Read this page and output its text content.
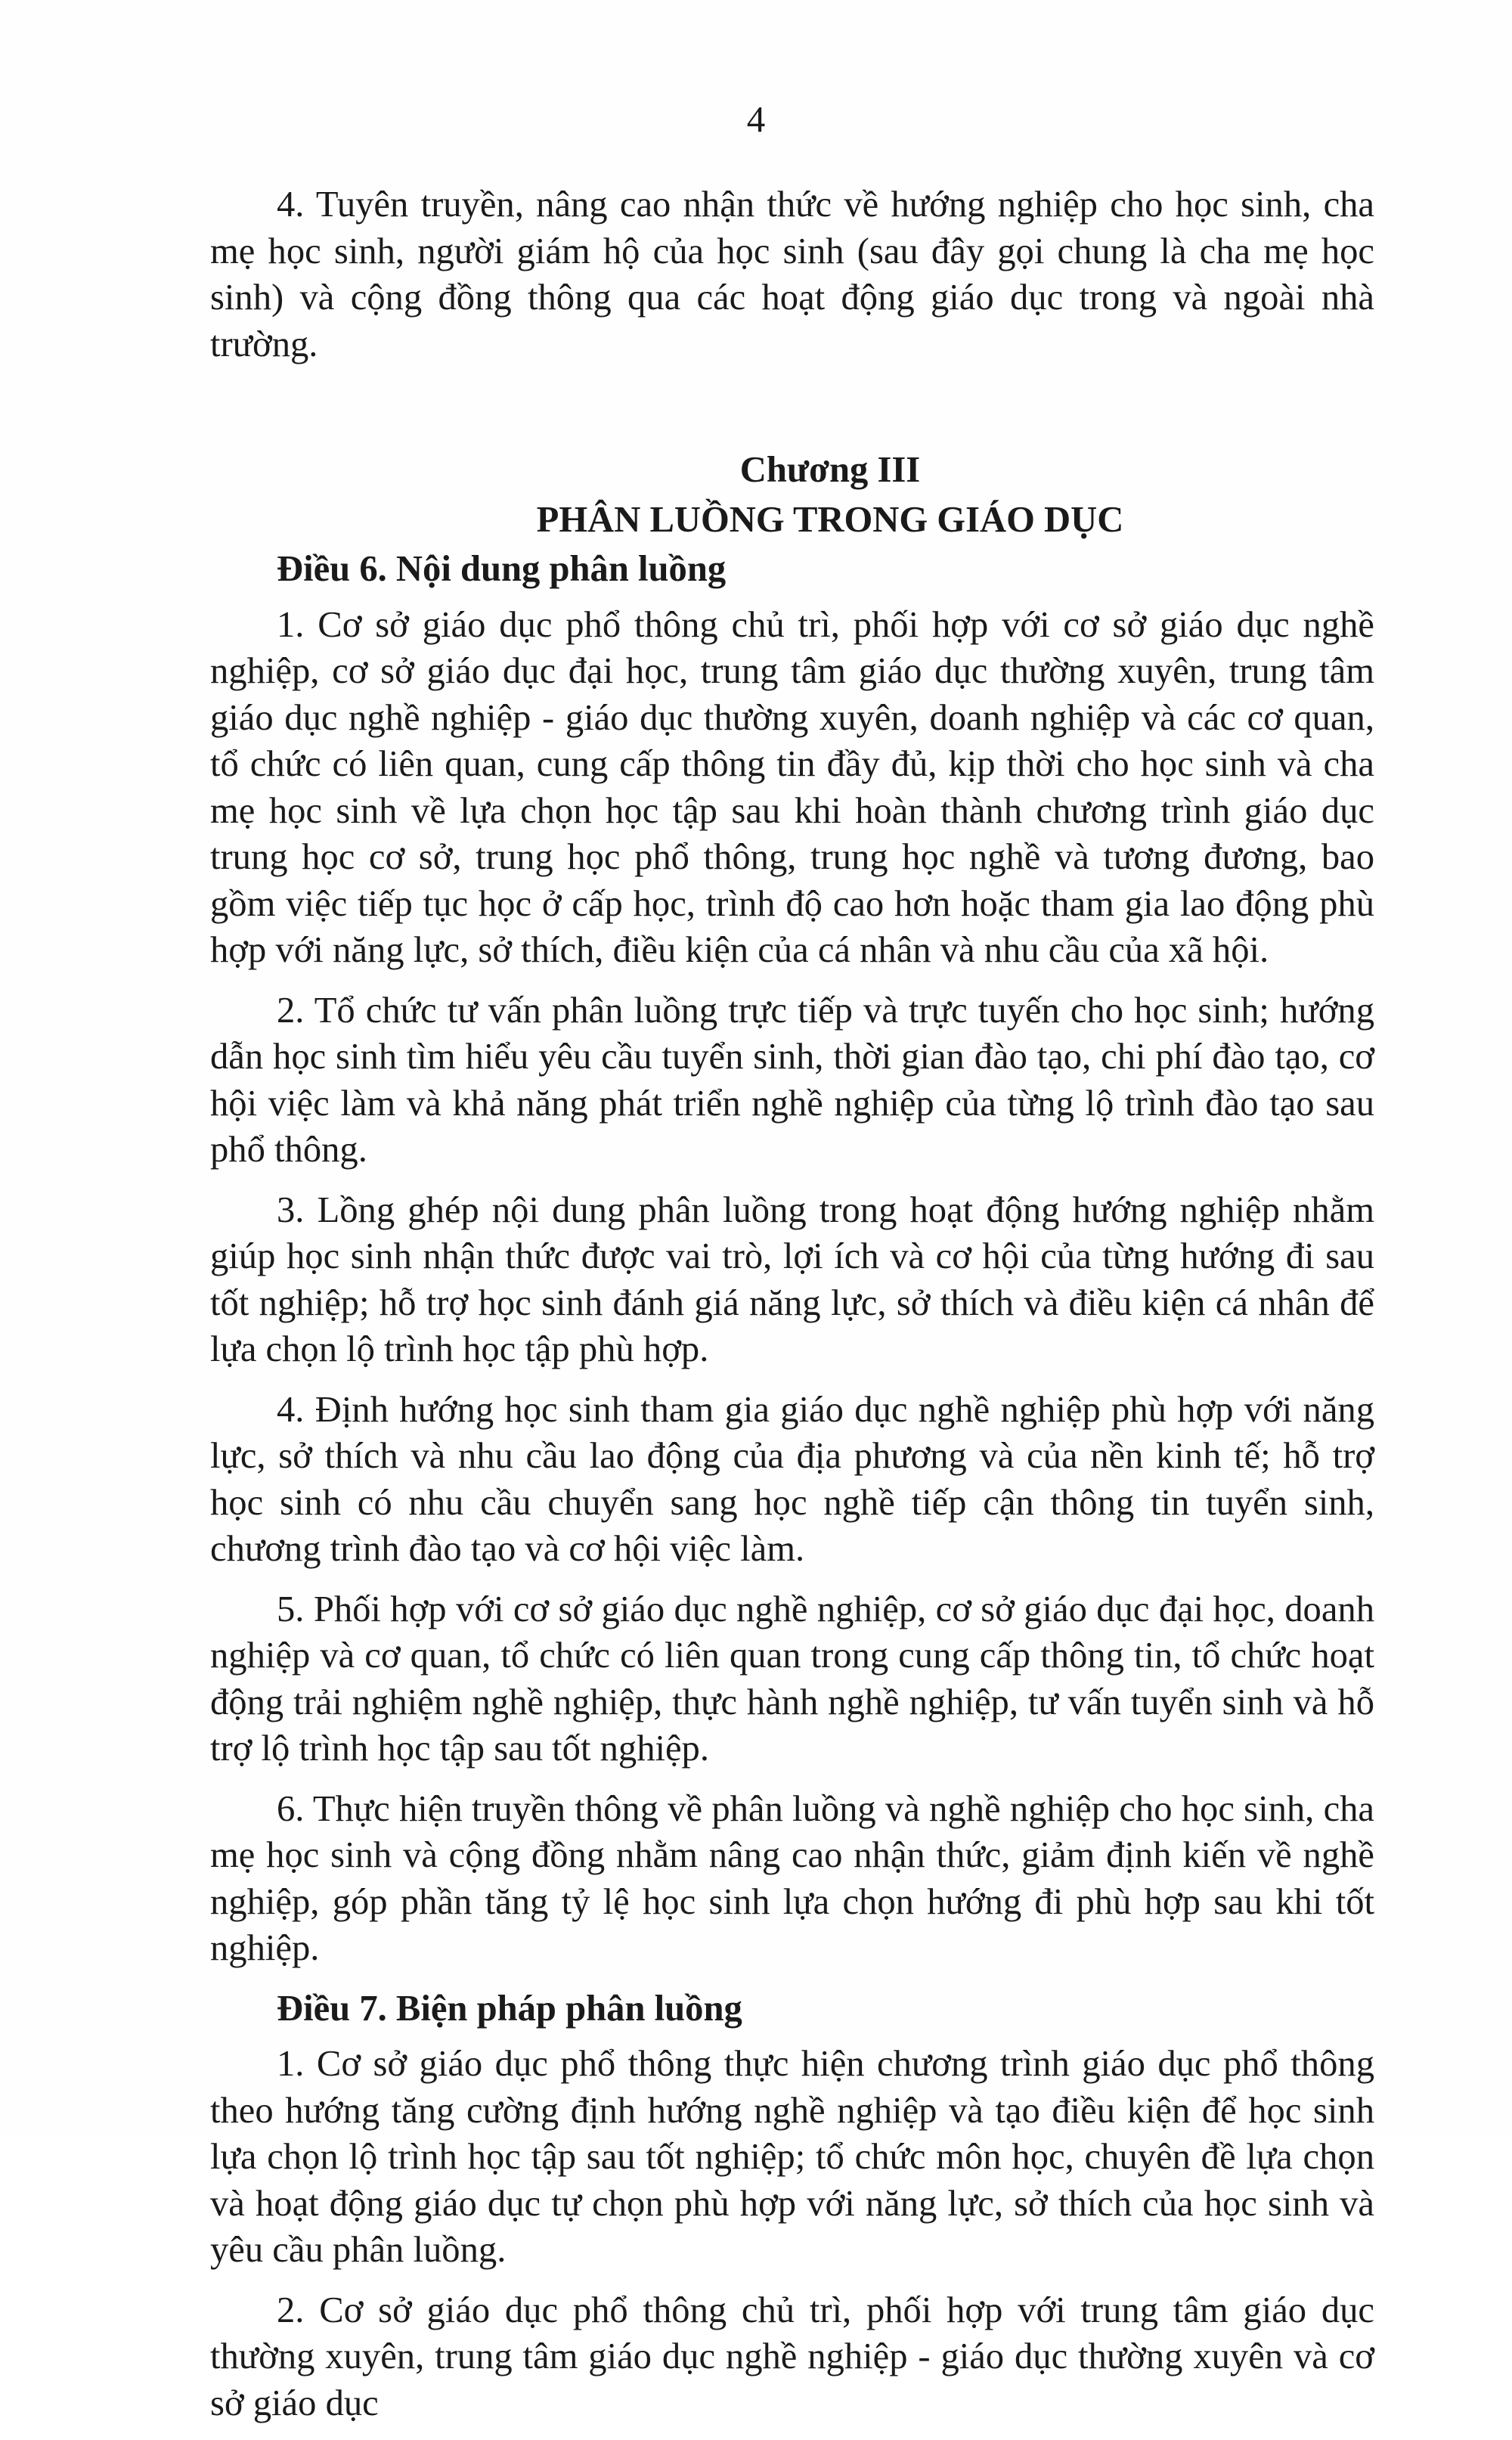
4

4. Tuyên truyền, nâng cao nhận thức về hướng nghiệp cho học sinh, cha mẹ học sinh, người giám hộ của học sinh (sau đây gọi chung là cha mẹ học sinh) và cộng đồng thông qua các hoạt động giáo dục trong và ngoài nhà trường.

Chương III

PHÂN LUỒNG TRONG GIÁO DỤC

Điều 6. Nội dung phân luồng

1. Cơ sở giáo dục phổ thông chủ trì, phối hợp với cơ sở giáo dục nghề nghiệp, cơ sở giáo dục đại học, trung tâm giáo dục thường xuyên, trung tâm giáo dục nghề nghiệp - giáo dục thường xuyên, doanh nghiệp và các cơ quan, tổ chức có liên quan, cung cấp thông tin đầy đủ, kịp thời cho học sinh và cha mẹ học sinh về lựa chọn học tập sau khi hoàn thành chương trình giáo dục trung học cơ sở, trung học phổ thông, trung học nghề và tương đương, bao gồm việc tiếp tục học ở cấp học, trình độ cao hơn hoặc tham gia lao động phù hợp với năng lực, sở thích, điều kiện của cá nhân và nhu cầu của xã hội.

2. Tổ chức tư vấn phân luồng trực tiếp và trực tuyến cho học sinh; hướng dẫn học sinh tìm hiểu yêu cầu tuyển sinh, thời gian đào tạo, chi phí đào tạo, cơ hội việc làm và khả năng phát triển nghề nghiệp của từng lộ trình đào tạo sau phổ thông.

3. Lồng ghép nội dung phân luồng trong hoạt động hướng nghiệp nhằm giúp học sinh nhận thức được vai trò, lợi ích và cơ hội của từng hướng đi sau tốt nghiệp; hỗ trợ học sinh đánh giá năng lực, sở thích và điều kiện cá nhân để lựa chọn lộ trình học tập phù hợp.

4. Định hướng học sinh tham gia giáo dục nghề nghiệp phù hợp với năng lực, sở thích và nhu cầu lao động của địa phương và của nền kinh tế; hỗ trợ học sinh có nhu cầu chuyển sang học nghề tiếp cận thông tin tuyển sinh, chương trình đào tạo và cơ hội việc làm.

5. Phối hợp với cơ sở giáo dục nghề nghiệp, cơ sở giáo dục đại học, doanh nghiệp và cơ quan, tổ chức có liên quan trong cung cấp thông tin, tổ chức hoạt động trải nghiệm nghề nghiệp, thực hành nghề nghiệp, tư vấn tuyển sinh và hỗ trợ lộ trình học tập sau tốt nghiệp.

6. Thực hiện truyền thông về phân luồng và nghề nghiệp cho học sinh, cha mẹ học sinh và cộng đồng nhằm nâng cao nhận thức, giảm định kiến về nghề nghiệp, góp phần tăng tỷ lệ học sinh lựa chọn hướng đi phù hợp sau khi tốt nghiệp.

Điều 7. Biện pháp phân luồng

1. Cơ sở giáo dục phổ thông thực hiện chương trình giáo dục phổ thông theo hướng tăng cường định hướng nghề nghiệp và tạo điều kiện để học sinh lựa chọn lộ trình học tập sau tốt nghiệp; tổ chức môn học, chuyên đề lựa chọn và hoạt động giáo dục tự chọn phù hợp với năng lực, sở thích của học sinh và yêu cầu phân luồng.

2. Cơ sở giáo dục phổ thông chủ trì, phối hợp với trung tâm giáo dục thường xuyên, trung tâm giáo dục nghề nghiệp - giáo dục thường xuyên và cơ sở giáo dục
